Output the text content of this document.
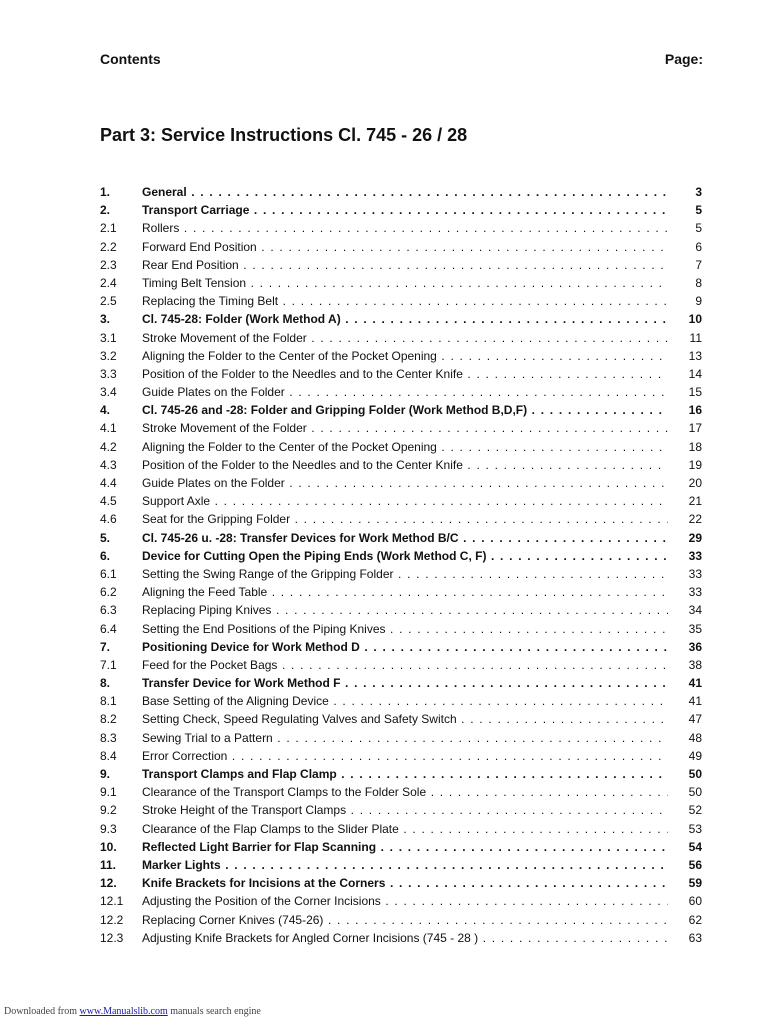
Contents	Page:
Part 3: Service Instructions Cl. 745 - 26 / 28
1.	General . . .	3
2.	Transport Carriage . . .	5
2.1	Rollers . . .	5
2.2	Forward End Position . . .	6
2.3	Rear End Position . . .	7
2.4	Timing Belt Tension . . .	8
2.5	Replacing the Timing Belt . . .	9
3.	Cl. 745-28: Folder (Work Method A) . . .	10
3.1	Stroke Movement of the Folder . . .	11
3.2	Aligning the Folder to the Center of the Pocket Opening . . .	13
3.3	Position of the Folder to the Needles and to the Center Knife . . .	14
3.4	Guide Plates on the Folder . . .	15
4.	Cl. 745-26 and -28: Folder and Gripping Folder (Work Method B,D,F) . . .	16
4.1	Stroke Movement of the Folder . . .	17
4.2	Aligning the Folder to the Center of the Pocket Opening . . .	18
4.3	Position of the Folder to the Needles and to the Center Knife . . .	19
4.4	Guide Plates on the Folder . . .	20
4.5	Support Axle . . .	21
4.6	Seat for the Gripping Folder . . .	22
5.	Cl. 745-26 u. -28: Transfer Devices for Work Method B/C . . .	29
6.	Device for Cutting Open the Piping Ends (Work Method C, F) . . .	33
6.1	Setting the Swing Range of the Gripping Folder . . .	33
6.2	Aligning the Feed Table . . .	33
6.3	Replacing Piping Knives . . .	34
6.4	Setting the End Positions of the Piping Knives . . .	35
7.	Positioning Device for Work Method D . . .	36
7.1	Feed for the Pocket Bags . . .	38
8.	Transfer Device for Work Method F . . .	41
8.1	Base Setting of the Aligning Device . . .	41
8.2	Setting Check, Speed Regulating Valves and Safety Switch . . .	47
8.3	Sewing Trial to a Pattern . . .	48
8.4	Error Correction . . .	49
9.	Transport Clamps and Flap Clamp . . .	50
9.1	Clearance of the Transport Clamps to the Folder Sole . . .	50
9.2	Stroke Height of the Transport Clamps . . .	52
9.3	Clearance of the Flap Clamps to the Slider Plate . . .	53
10.	Reflected Light Barrier for Flap Scanning . . .	54
11.	Marker Lights . . .	56
12.	Knife Brackets for Incisions at the Corners . . .	59
12.1	Adjusting the Position of the Corner Incisions . . .	60
12.2	Replacing Corner Knives (745-26) . . .	62
12.3	Adjusting Knife Brackets for Angled Corner Incisions (745 - 28 ) . . .	63
Downloaded from www.Manualslib.com manuals search engine
